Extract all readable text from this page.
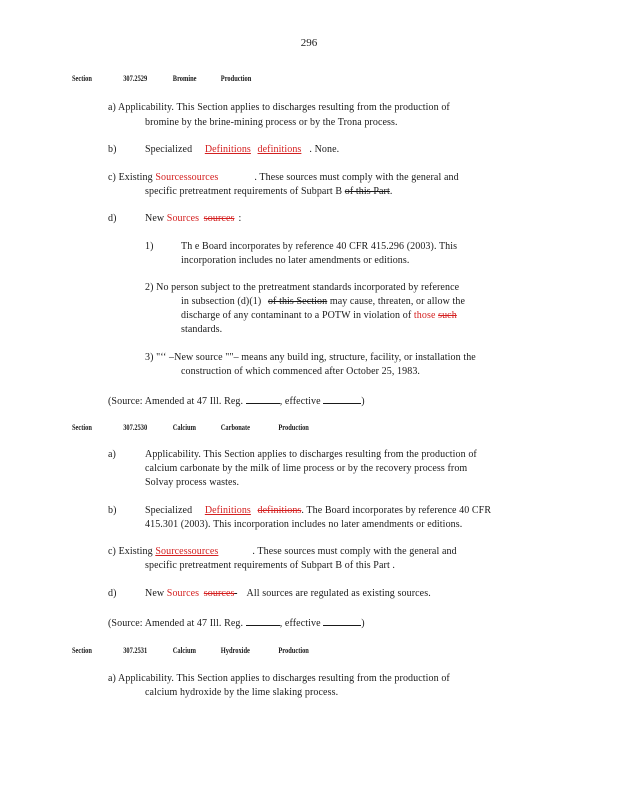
296
Section	307.2529	Bromine	Production
a) Applicability. This Section applies to discharges resulting from the production of
bromine by the brine-mining process or by the Trona process.
b)	Specialized Definitions definitions . None.
c) Existing Sourcessources	. These sources must comply with the general and
specific pretreatment requirements of Subpart B of this Part.
d)	New Sources sources :
1)	Th e Board incorporates by reference 40 CFR 415.296 (2003). This
incorporation includes no later amendments or editions.
2) No person subject to the pretreatment standards incorporated by reference
in subsection (d)(1) of this Section may cause, threaten, or allow the
discharge of any contaminant to a POTW in violation of those such
standards.
3) "‘‘ ‒New source ""‒ means any build ing, structure, facility, or installation the
construction of which commenced after October 25, 1983.
(Source: Amended at 47 Ill. Reg.	, effective	)
Section	307.2530	Calcium	Carbonate	Production
a)	Applicability. This Section applies to discharges resulting from the production of
calcium carbonate by the milk of lime process or by the recovery process from
Solvay process wastes.
b)	Specialized Definitions definitions. The Board incorporates by reference 40 CFR
415.301 (2003). This incorporation includes no later amendments or editions.
c) Existing Sourcessources	. These sources must comply with the general and
specific pretreatment requirements of Subpart B of this Part .
d)	New Sources sources  All sources are regulated as existing sources.
(Source: Amended at 47 Ill. Reg.	, effective	)
Section	307.2531	Calcium	Hydroxide	Production
a) Applicability. This Section applies to discharges resulting from the production of
calcium hydroxide by the lime slaking process.
